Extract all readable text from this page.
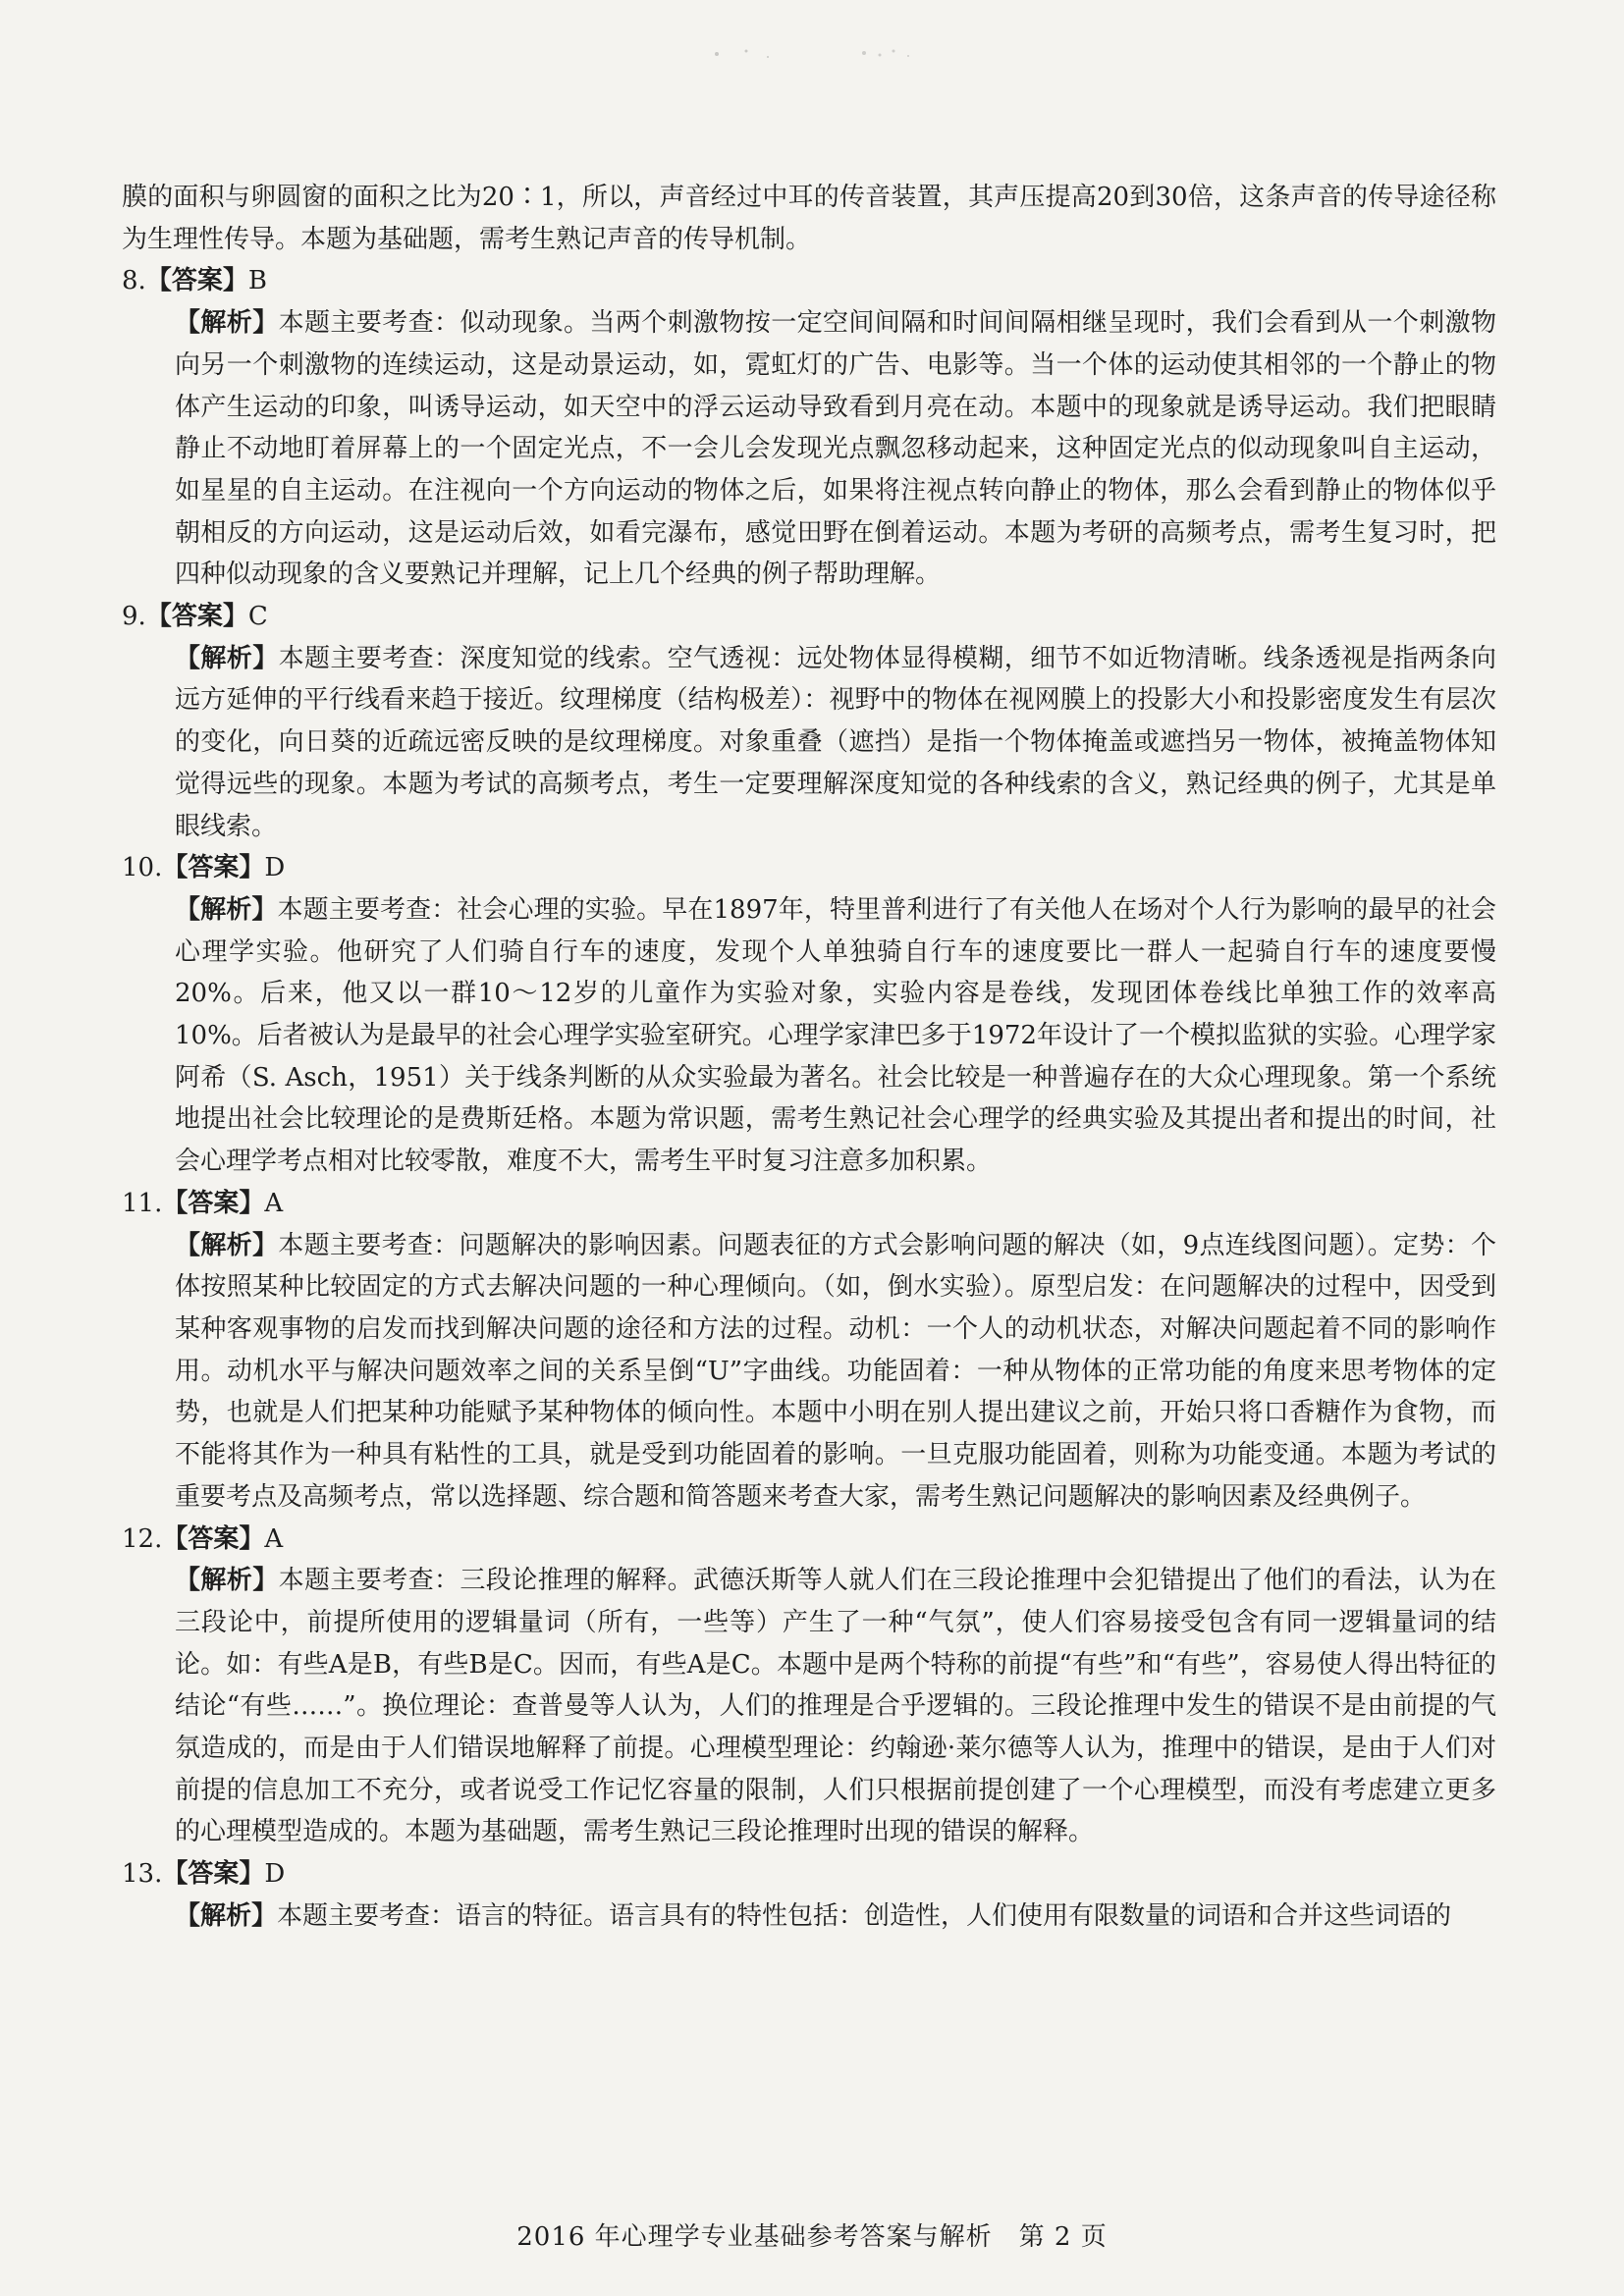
膜的面积与卵圆窗的面积之比为20∶1，所以，声音经过中耳的传音装置，其声压提高20到30倍，这条声音的传导途径称为生理性传导。本题为基础题，需考生熟记声音的传导机制。

8.【答案】B

【解析】本题主要考查：似动现象。当两个刺激物按一定空间间隔和时间间隔相继呈现时，我们会看到从一个刺激物向另一个刺激物的连续运动，这是动景运动，如，霓虹灯的广告、电影等。当一个体的运动使其相邻的一个静止的物体产生运动的印象，叫诱导运动，如天空中的浮云运动导致看到月亮在动。本题中的现象就是诱导运动。我们把眼睛静止不动地盯着屏幕上的一个固定光点，不一会儿会发现光点飘忽移动起来，这种固定光点的似动现象叫自主运动，如星星的自主运动。在注视向一个方向运动的物体之后，如果将注视点转向静止的物体，那么会看到静止的物体似乎朝相反的方向运动，这是运动后效，如看完瀑布，感觉田野在倒着运动。本题为考研的高频考点，需考生复习时，把四种似动现象的含义要熟记并理解，记上几个经典的例子帮助理解。

9.【答案】C

【解析】本题主要考查：深度知觉的线索。空气透视：远处物体显得模糊，细节不如近物清晰。线条透视是指两条向远方延伸的平行线看来趋于接近。纹理梯度（结构极差）：视野中的物体在视网膜上的投影大小和投影密度发生有层次的变化，向日葵的近疏远密反映的是纹理梯度。对象重叠（遮挡）是指一个物体掩盖或遮挡另一物体，被掩盖物体知觉得远些的现象。本题为考试的高频考点，考生一定要理解深度知觉的各种线索的含义，熟记经典的例子，尤其是单眼线索。

10.【答案】D

【解析】本题主要考查：社会心理的实验。早在1897年，特里普利进行了有关他人在场对个人行为影响的最早的社会心理学实验。他研究了人们骑自行车的速度，发现个人单独骑自行车的速度要比一群人一起骑自行车的速度要慢20%。后来，他又以一群10～12岁的儿童作为实验对象，实验内容是卷线，发现团体卷线比单独工作的效率高10%。后者被认为是最早的社会心理学实验室研究。心理学家津巴多于1972年设计了一个模拟监狱的实验。心理学家阿希（S. Asch，1951）关于线条判断的从众实验最为著名。社会比较是一种普遍存在的大众心理现象。第一个系统地提出社会比较理论的是费斯廷格。本题为常识题，需考生熟记社会心理学的经典实验及其提出者和提出的时间，社会心理学考点相对比较零散，难度不大，需考生平时复习注意多加积累。

11.【答案】A

【解析】本题主要考查：问题解决的影响因素。问题表征的方式会影响问题的解决（如，9点连线图问题）。定势：个体按照某种比较固定的方式去解决问题的一种心理倾向。（如，倒水实验）。原型启发：在问题解决的过程中，因受到某种客观事物的启发而找到解决问题的途径和方法的过程。动机：一个人的动机状态，对解决问题起着不同的影响作用。动机水平与解决问题效率之间的关系呈倒“U”字曲线。功能固着：一种从物体的正常功能的角度来思考物体的定势，也就是人们把某种功能赋予某种物体的倾向性。本题中小明在别人提出建议之前，开始只将口香糖作为食物，而不能将其作为一种具有粘性的工具，就是受到功能固着的影响。一旦克服功能固着，则称为功能变通。本题为考试的重要考点及高频考点，常以选择题、综合题和简答题来考查大家，需考生熟记问题解决的影响因素及经典例子。

12.【答案】A

【解析】本题主要考查：三段论推理的解释。武德沃斯等人就人们在三段论推理中会犯错提出了他们的看法，认为在三段论中，前提所使用的逻辑量词（所有，一些等）产生了一种“气氛”，使人们容易接受包含有同一逻辑量词的结论。如：有些A是B，有些B是C。因而，有些A是C。本题中是两个特称的前提“有些”和“有些”，容易使人得出特征的结论“有些……”。换位理论：查普曼等人认为，人们的推理是合乎逻辑的。三段论推理中发生的错误不是由前提的气氛造成的，而是由于人们错误地解释了前提。心理模型理论：约翰逊·莱尔德等人认为，推理中的错误，是由于人们对前提的信息加工不充分，或者说受工作记忆容量的限制，人们只根据前提创建了一个心理模型，而没有考虑建立更多的心理模型造成的。本题为基础题，需考生熟记三段论推理时出现的错误的解释。

13.【答案】D

【解析】本题主要考查：语言的特征。语言具有的特性包括：创造性，人们使用有限数量的词语和合并这些词语的

2016 年心理学专业基础参考答案与解析　第 2 页
